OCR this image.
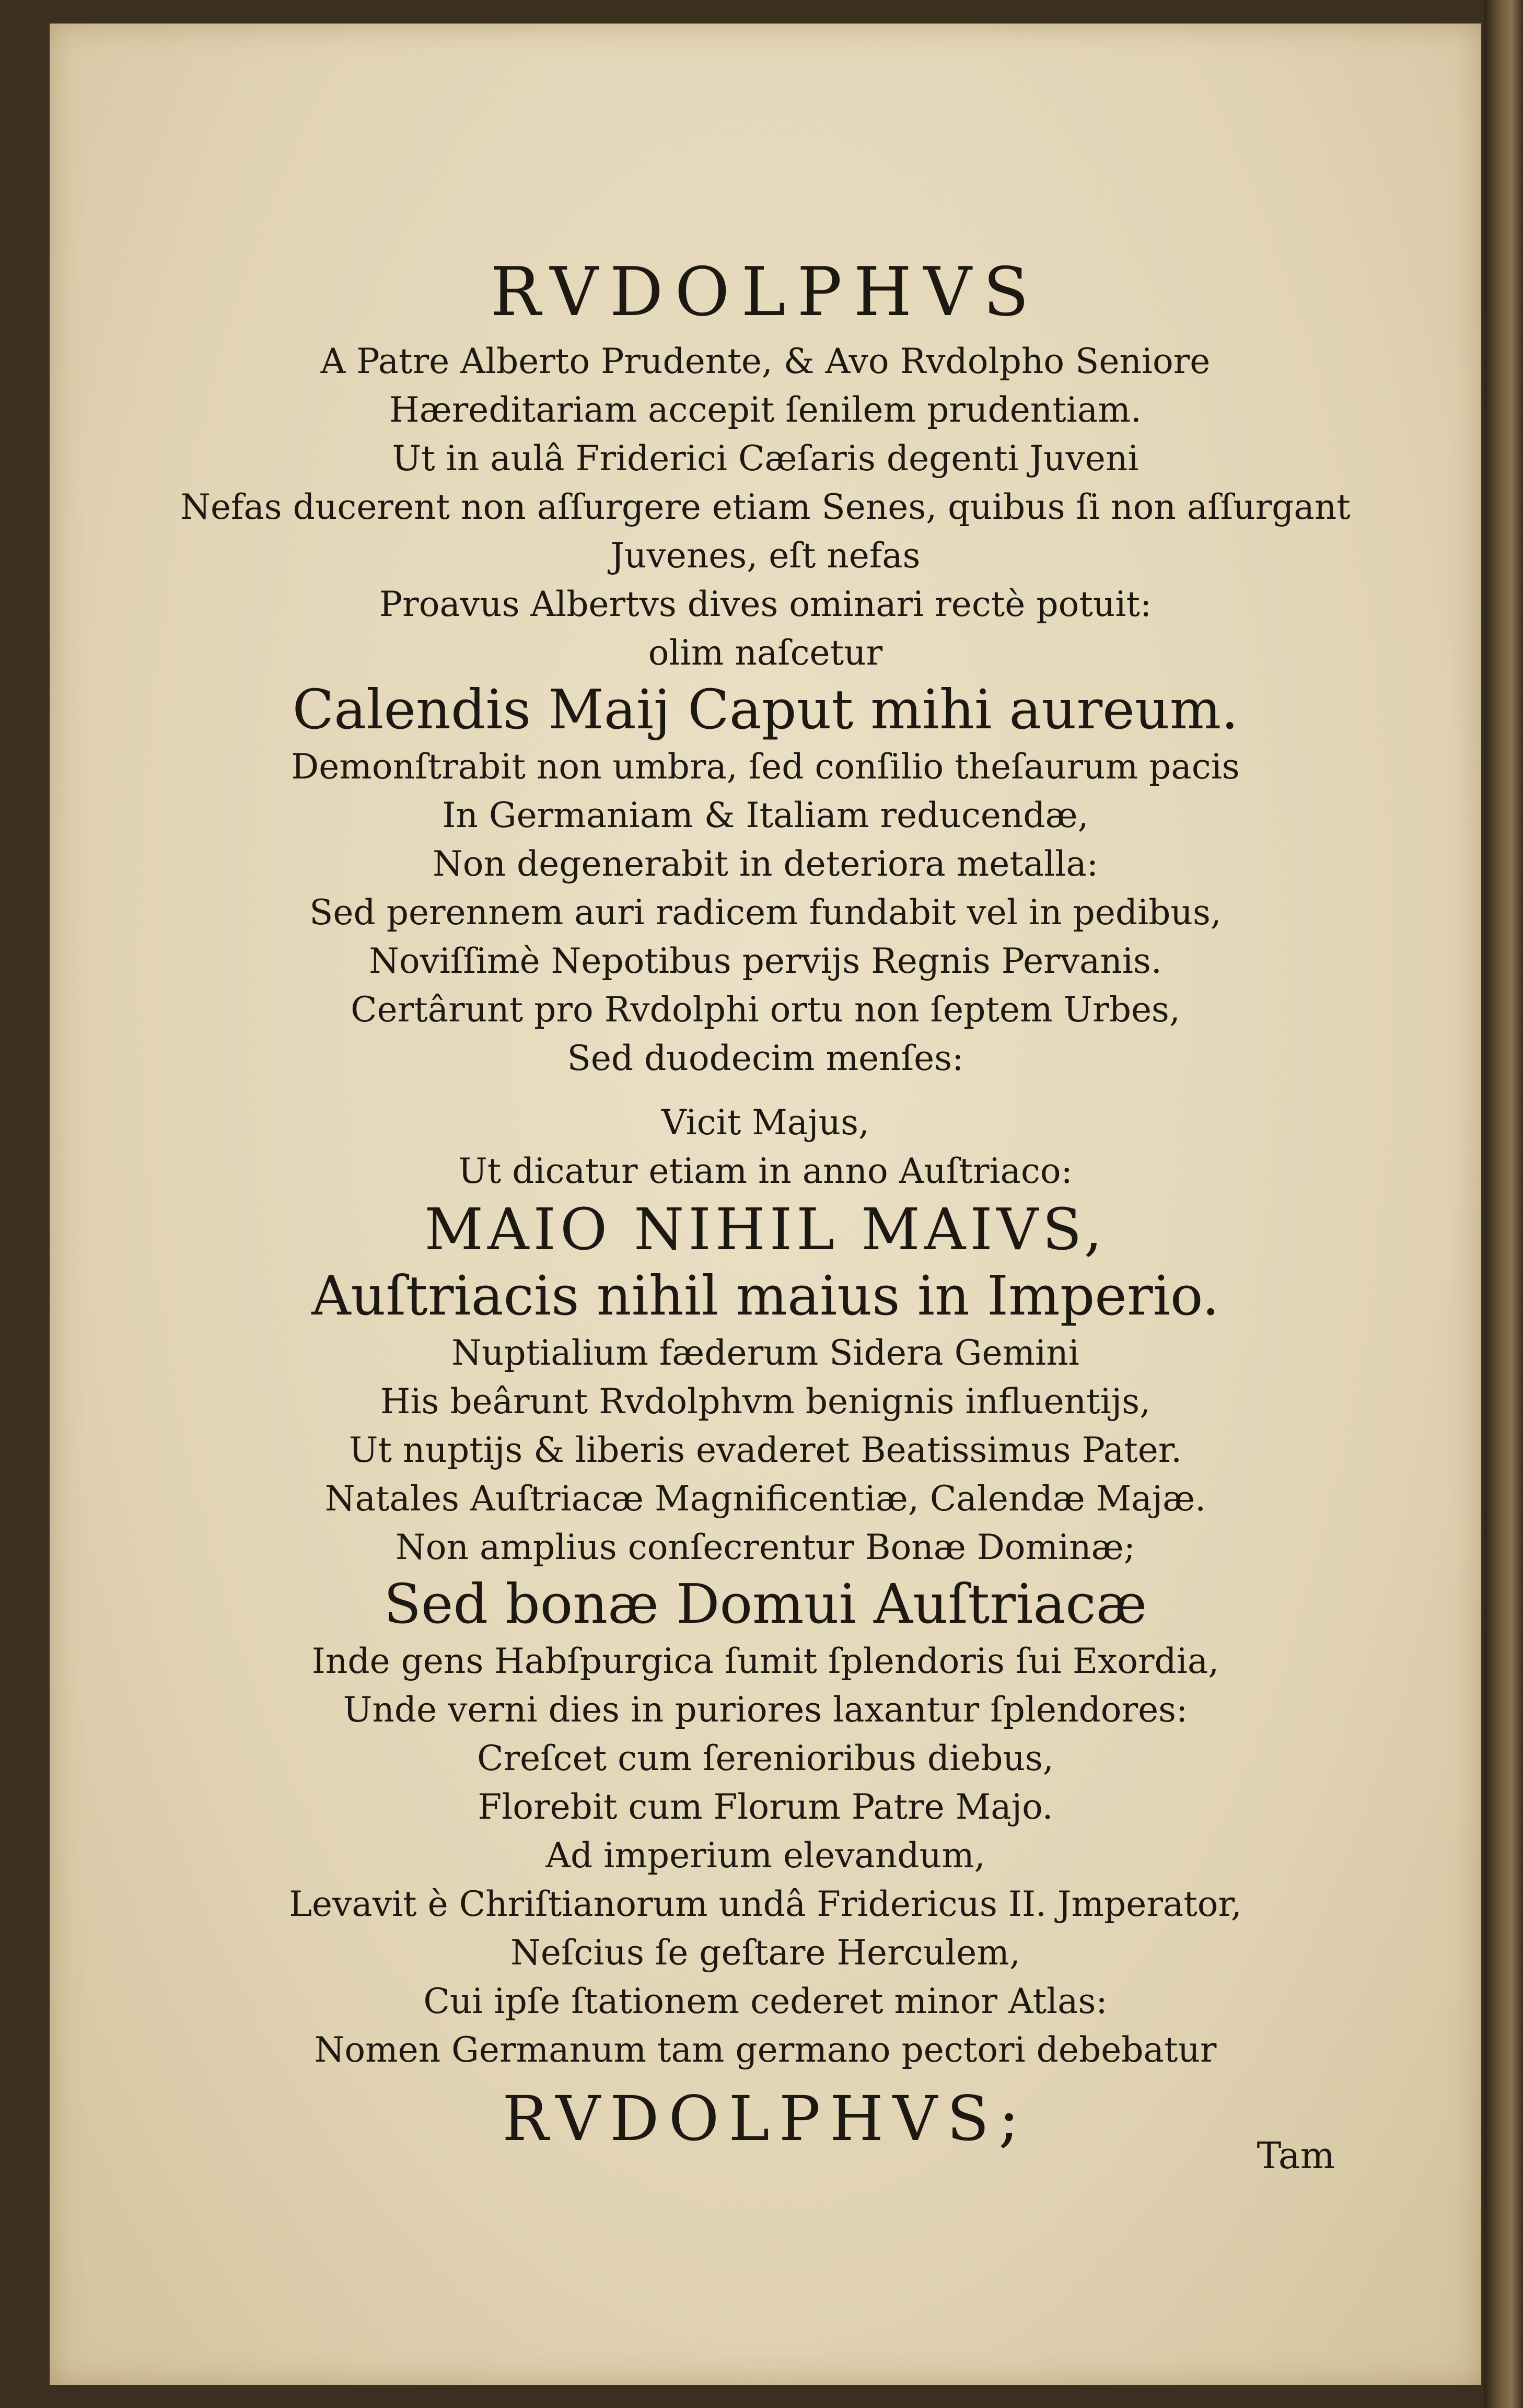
RVDOLPHVS
A Patre Alberto Prudente, & Avo Rvdolpho Seniore
Hæreditariam accepit ſenilem prudentiam.
Ut in aulâ Friderici Cæſaris degenti Juveni
Nefas ducerent non aſſurgere etiam Senes, quibus ſi non aſſurgant
Juvenes, eſt nefas
Proavus Albertvs dives ominari rectè potuit:
olim naſcetur
Calendis Maij Caput mihi aureum.
Demonſtrabit non umbra, ſed conſilio theſaurum pacis
In Germaniam & Italiam reducendæ,
Non degenerabit in deteriora metalla:
Sed perennem auri radicem fundabit vel in pedibus,
Noviſſimè Nepotibus pervijs Regnis Pervanis.
Certârunt pro Rvdolphi ortu non ſeptem Urbes,
Sed duodecim menſes:
Vicit Majus,
Ut dicatur etiam in anno Auſtriaco:
MAIO NIHIL MAIVS,
Auſtriacis nihil maius in Imperio.
Nuptialium fæderum Sidera Gemini
His beârunt Rvdolphvm benignis influentijs,
Ut nuptijs & liberis evaderet Beatissimus Pater.
Natales Auſtriacæ Magnificentiæ, Calendæ Majæ.
Non amplius conſecrentur Bonæ Dominæ;
Sed bonæ Domui Auſtriacæ
Inde gens Habſpurgica ſumit ſplendoris ſui Exordia,
Unde verni dies in puriores laxantur ſplendores:
Creſcet cum ſerenioribus diebus,
Florebit cum Florum Patre Majo.
Ad imperium elevandum,
Levavit è Chriſtianorum undâ Fridericus II. Jmperator,
Neſcius ſe geſtare Herculem,
Cui ipſe ſtationem cederet minor Atlas:
Nomen Germanum tam germano pectori debebatur
RVDOLPHVS;
Tam
